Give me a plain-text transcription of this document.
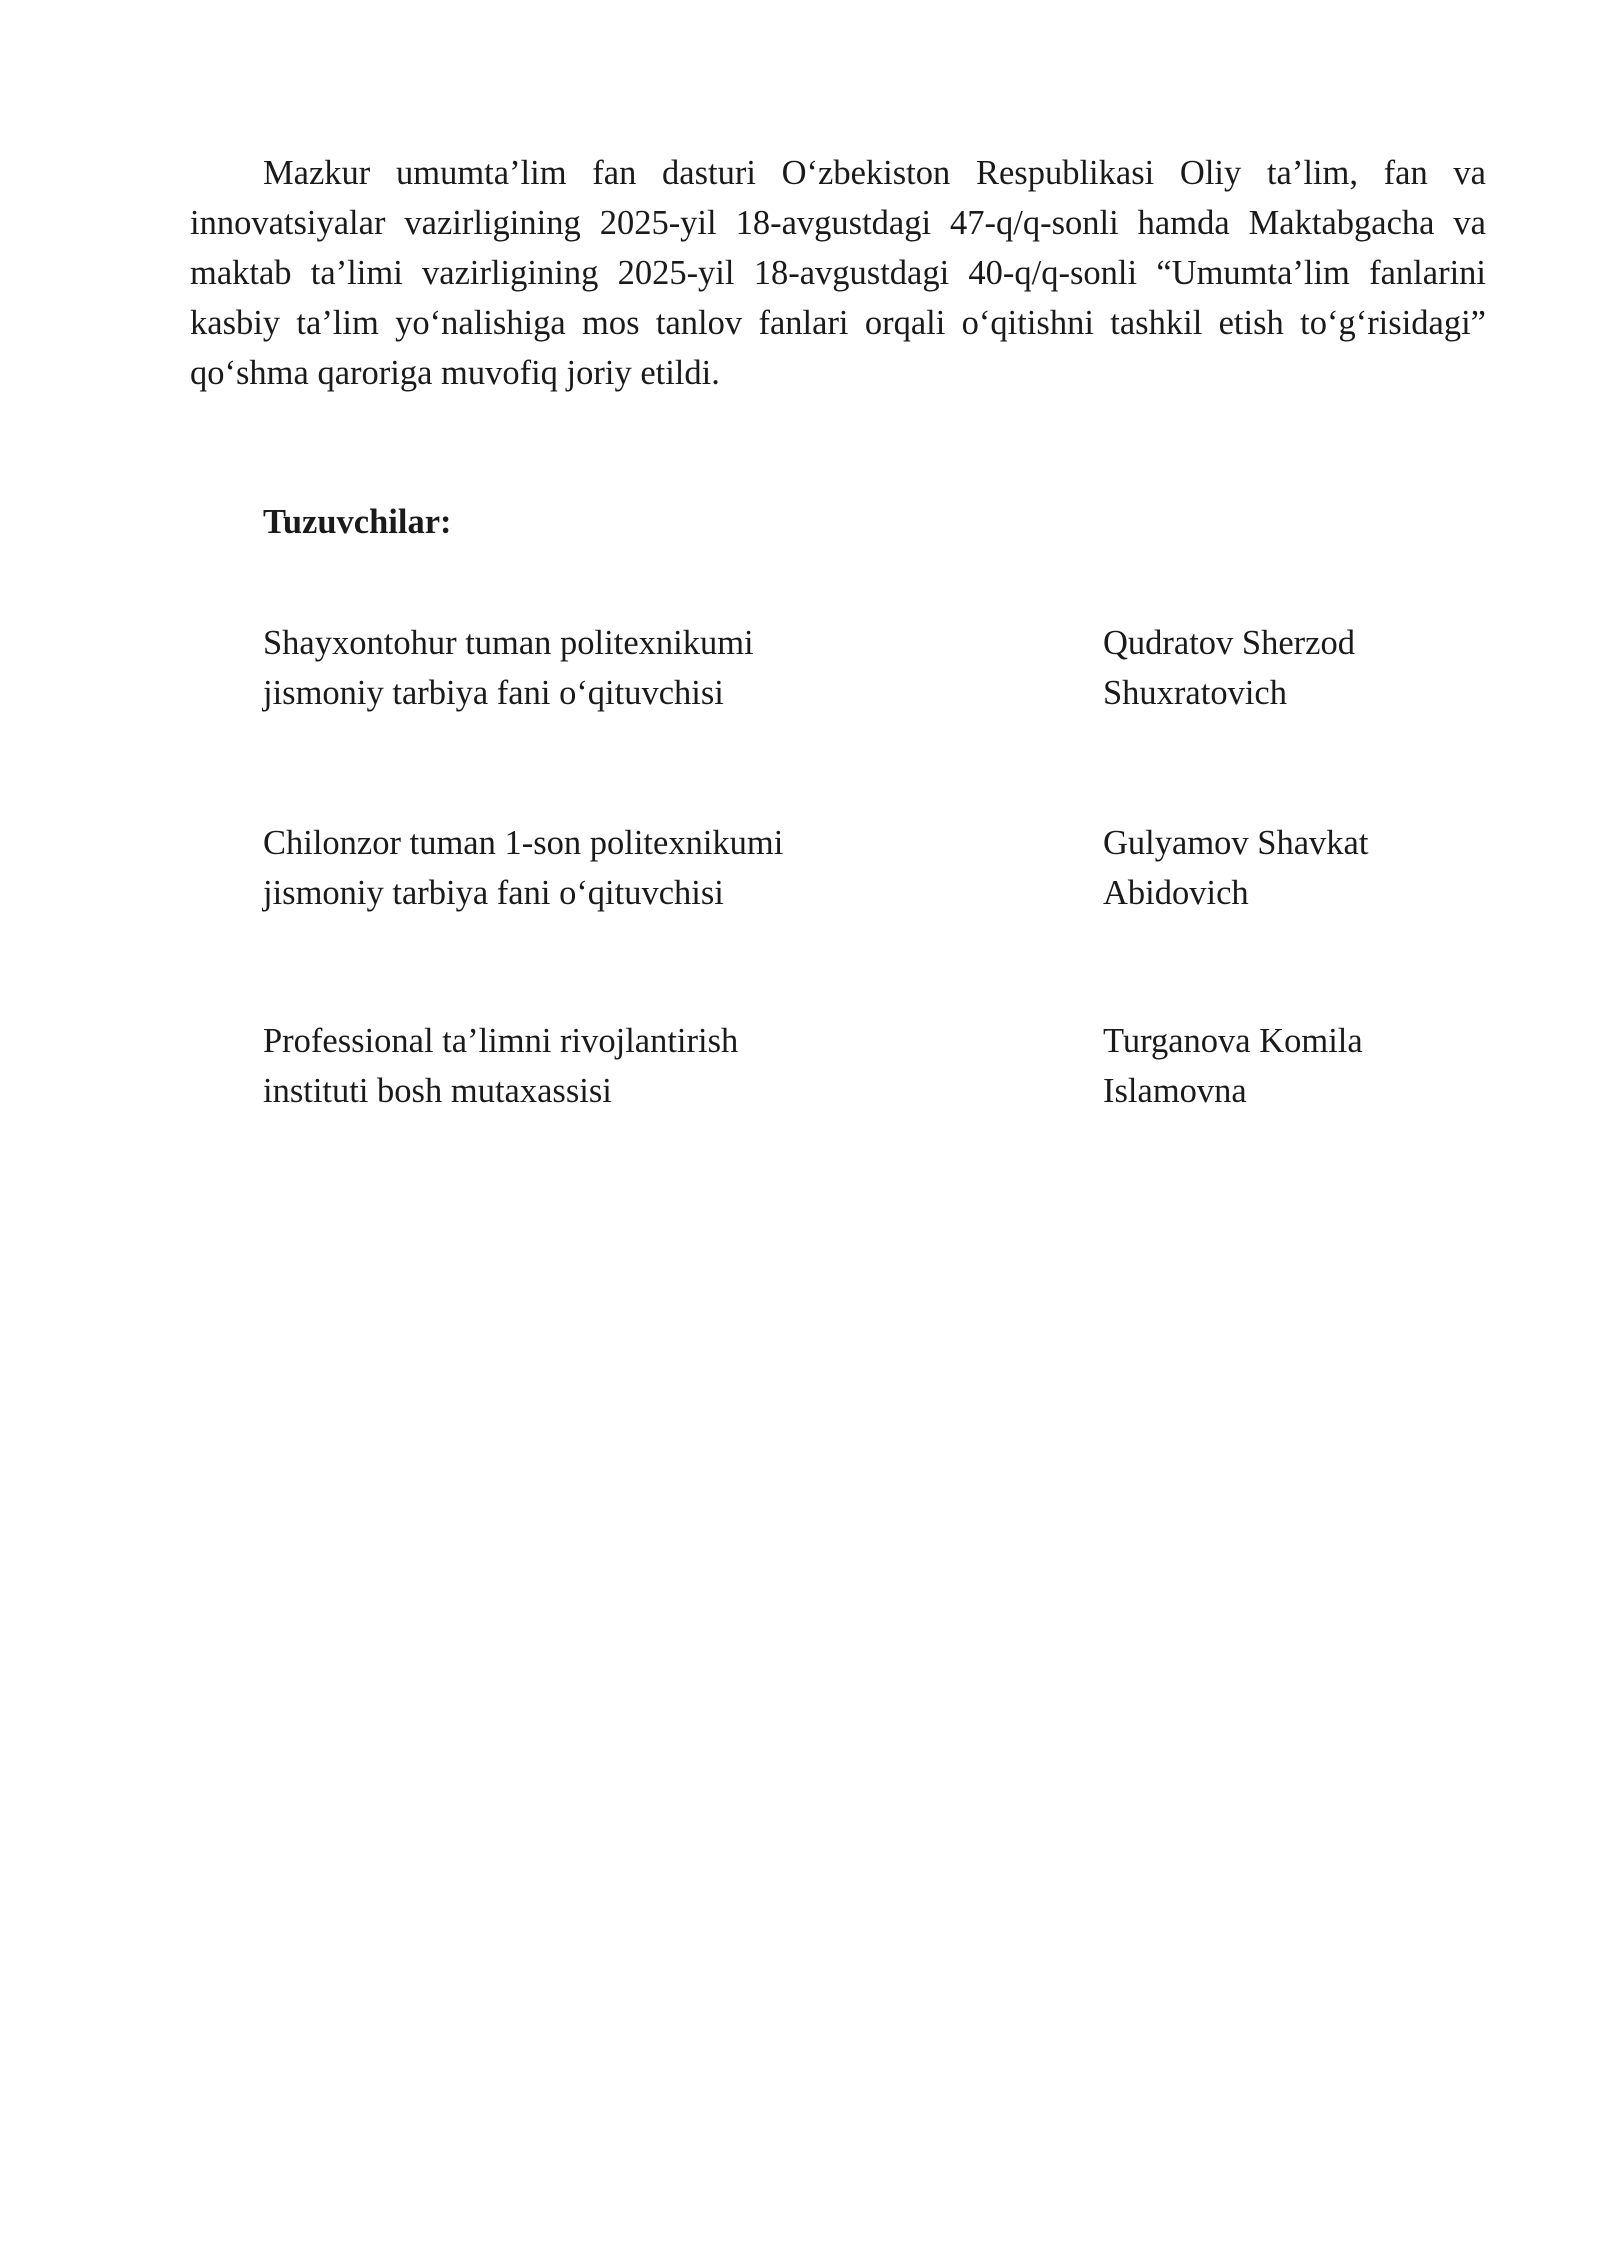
Mazkur umumta’lim fan dasturi O‘zbekiston Respublikasi Oliy ta’lim, fan va innovatsiyalar vazirligining 2025-yil 18-avgustdagi 47-q/q-sonli hamda Maktabgacha va maktab ta’limi vazirligining 2025-yil 18-avgustdagi 40-q/q-sonli “Umumta’lim fanlarini kasbiy ta’lim yo‘nalishiga mos tanlov fanlari orqali o‘qitishni tashkil etish to‘g‘risidagi” qo‘shma qaroriga muvofiq joriy etildi.

Tuzuvchilar:
Shayxontohur tuman politexnikumi
jismoniy tarbiya fani o‘qituvchisi
Qudratov Sherzod
Shuxratovich
Chilonzor tuman 1-son politexnikumi
jismoniy tarbiya fani o‘qituvchisi
Gulyamov Shavkat
Abidovich
Professional ta’limni rivojlantirish
instituti bosh mutaxassisi
Turganova Komila
Islamovna
